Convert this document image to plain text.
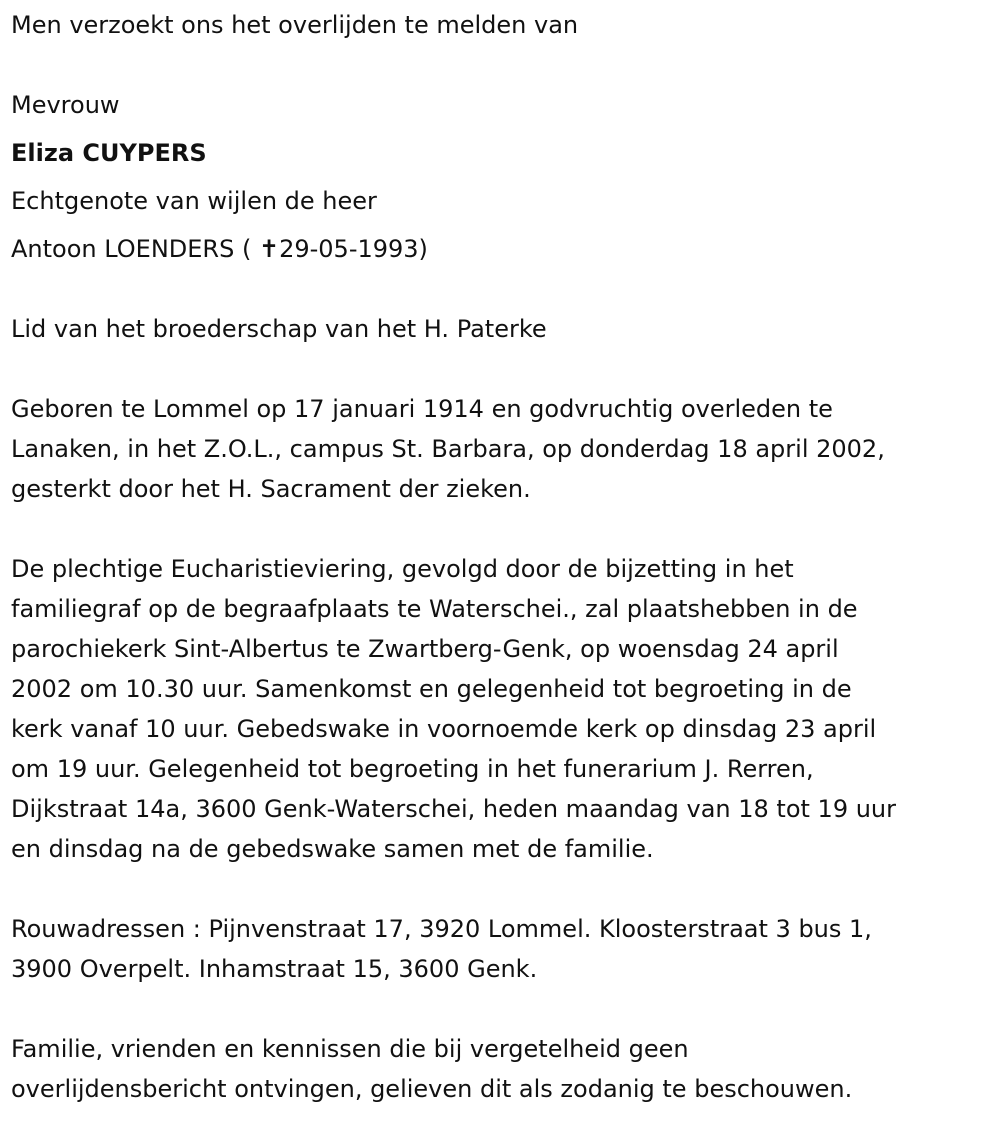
Men verzoekt ons het overlijden te melden van
Mevrouw
Eliza CUYPERS
Echtgenote van wijlen de heer
Antoon LOENDERS ( ✝29-05-1993)
Lid van het broederschap van het H. Paterke
Geboren te Lommel op 17 januari 1914 en godvruchtig overleden te
Lanaken, in het Z.O.L., campus St. Barbara, op donderdag 18 april 2002,
gesterkt door het H. Sacrament der zieken.
De plechtige Eucharistieviering, gevolgd door de bijzetting in het
familiegraf op de begraafplaats te Waterschei., zal plaatshebben in de
parochiekerk Sint-Albertus te Zwartberg-Genk, op woensdag 24 april
2002 om 10.30 uur. Samenkomst en gelegenheid tot begroeting in de
kerk vanaf 10 uur. Gebedswake in voornoemde kerk op dinsdag 23 april
om 19 uur. Gelegenheid tot begroeting in het funerarium J. Rerren,
Dijkstraat 14a, 3600 Genk-Waterschei, heden maandag van 18 tot 19 uur
en dinsdag na de gebedswake samen met de familie.
Rouwadressen : Pijnvenstraat 17, 3920 Lommel. Kloosterstraat 3 bus 1,
3900 Overpelt. Inhamstraat 15, 3600 Genk.
Familie, vrienden en kennissen die bij vergetelheid geen
overlijdensbericht ontvingen, gelieven dit als zodanig te beschouwen.
